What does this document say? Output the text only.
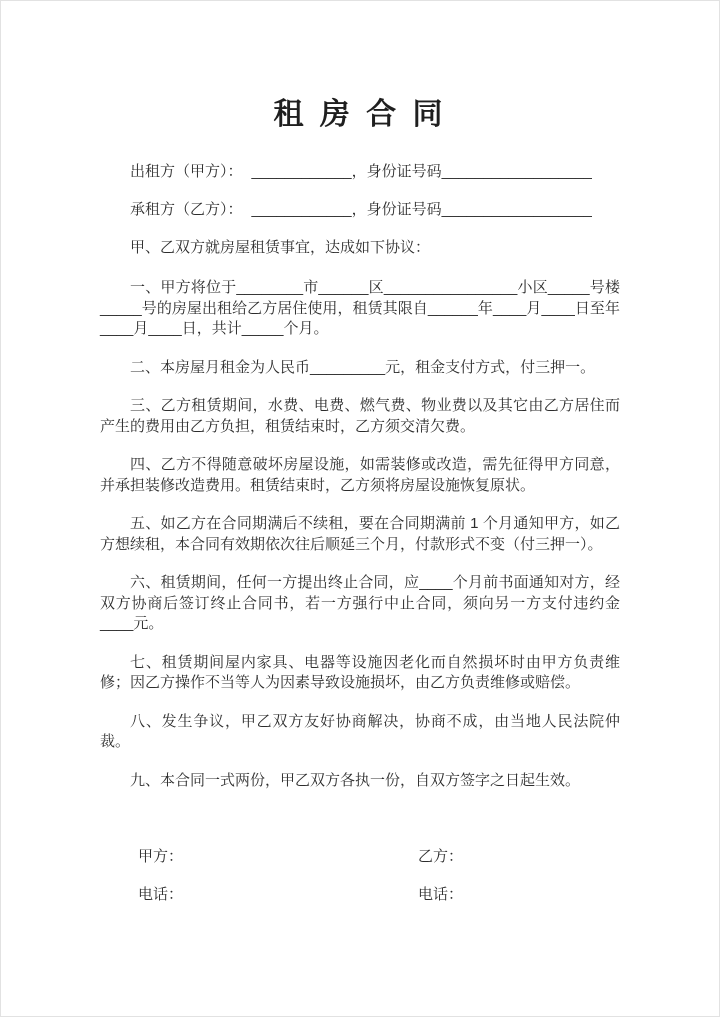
租 房 合 同

出租方（甲方）： ____________，身份证号码__________________

承租方（乙方）： ____________，身份证号码__________________

甲、乙双方就房屋租赁事宜，达成如下协议：

一、甲方将位于________市______区________________小区_____号楼_____号的房屋出租给乙方居住使用，租赁其限自______年____月____日至年____月____日，共计_____个月。

二、本房屋月租金为人民币_________元，租金支付方式，付三押一。

三、乙方租赁期间，水费、电费、燃气费、物业费以及其它由乙方居住而产生的费用由乙方负担，租赁结束时，乙方须交清欠费。

四、乙方不得随意破坏房屋设施，如需装修或改造，需先征得甲方同意，并承担装修改造费用。租赁结束时，乙方须将房屋设施恢复原状。

五、如乙方在合同期满后不续租，要在合同期满前 1 个月通知甲方，如乙方想续租，本合同有效期依次往后顺延三个月，付款形式不变（付三押一）。

六、租赁期间，任何一方提出终止合同，应____个月前书面通知对方，经双方协商后签订终止合同书，若一方强行中止合同，须向另一方支付违约金____元。

七、租赁期间屋内家具、电器等设施因老化而自然损坏时由甲方负责维修；因乙方操作不当等人为因素导致设施损坏，由乙方负责维修或赔偿。

八、发生争议，甲乙双方友好协商解决，协商不成，由当地人民法院仲裁。

九、本合同一式两份，甲乙双方各执一份，自双方签字之日起生效。

甲方：	乙方：
电话：	电话：
